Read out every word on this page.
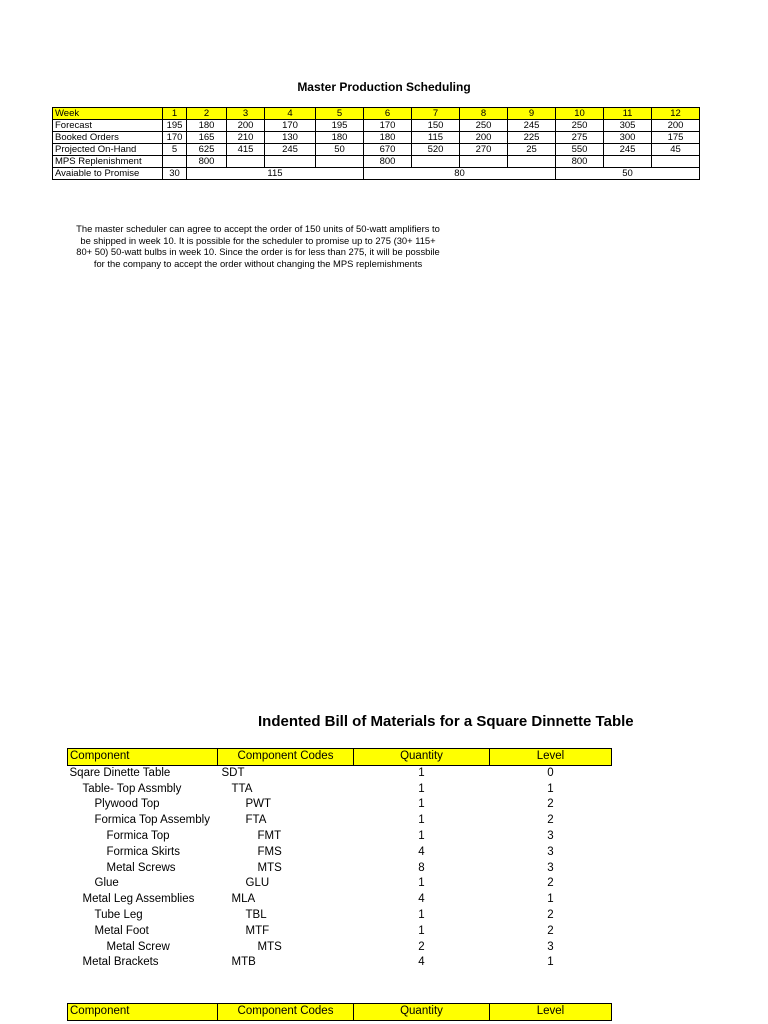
Master Production Scheduling
Week	1	2	3	4	5	6	7	8	9	10	11	12
Forecast	195	180	200	170	195	170	150	250	245	250	305	200
Booked Orders	170	165	210	130	180	180	115	200	225	275	300	175
Projected On-Hand	5	625	415	245	50	670	520	270	25	550	245	45
MPS Replenishment		800				800				800		
Avaiable to Promise	30	115				80				50		
The master scheduler can agree to accept the order of 150 units of 50-watt amplifiers to
be shipped in week 10. It is possible for the scheduler to promise up to 275 (30+ 115+
80+ 50) 50-watt bulbs in week 10. Since the order is for less than 275, it will be possbile
for the company to accept the order without changing the MPS replemishments
Indented Bill of Materials for a Square Dinnette Table
Component	Component Codes	Quantity	Level
Sqare Dinette Table	SDT	1	0
Table- Top Assmbly	TTA	1	1
Plywood Top	PWT	1	2
Formica Top Assembly	FTA	1	2
Formica Top	FMT	1	3
Formica Skirts	FMS	4	3
Metal Screws	MTS	8	3
Glue	GLU	1	2
Metal Leg Assemblies	MLA	4	1
Tube Leg	TBL	1	2
Metal Foot	MTF	1	2
Metal Screw	MTS	2	3
Metal Brackets	MTB	4	1
Component	Component Codes	Quantity	Level
